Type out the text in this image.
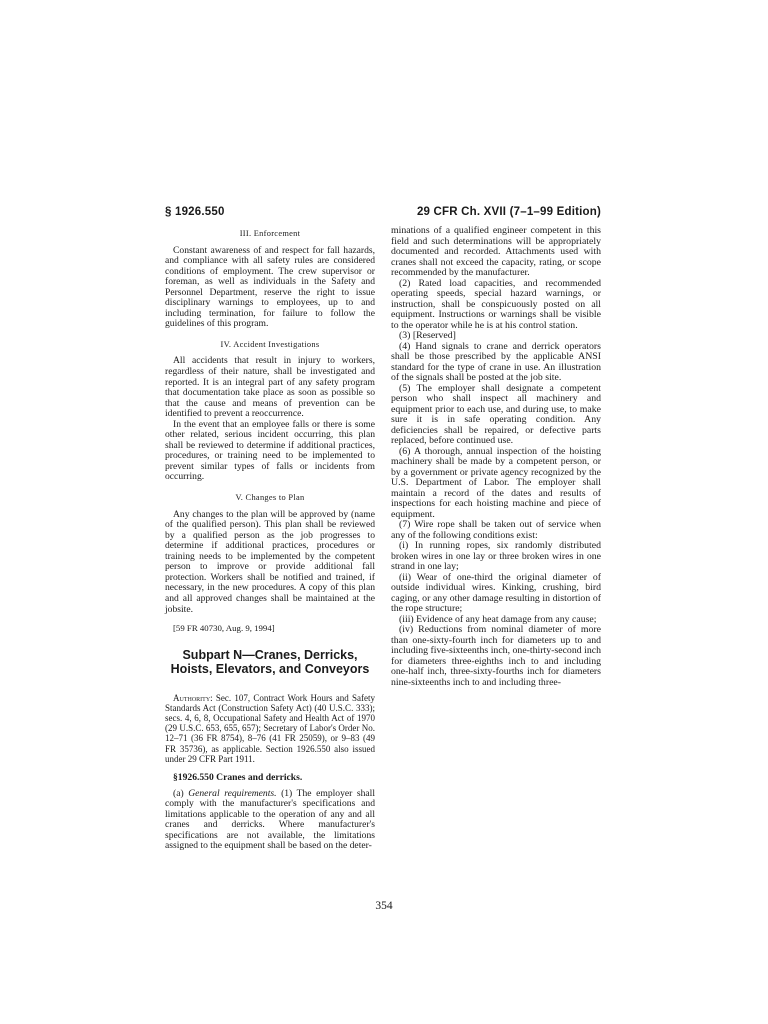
§ 1926.550	29 CFR Ch. XVII (7–1–99 Edition)

III. Enforcement

Constant awareness of and respect for fall hazards, and compliance with all safety rules are considered conditions of employment. The crew supervisor or foreman, as well as individuals in the Safety and Personnel Department, reserve the right to issue disciplinary warnings to employees, up to and including termination, for failure to follow the guidelines of this program.

IV. Accident Investigations

All accidents that result in injury to workers, regardless of their nature, shall be investigated and reported. It is an integral part of any safety program that documentation take place as soon as possible so that the cause and means of prevention can be identified to prevent a reoccurrence.

In the event that an employee falls or there is some other related, serious incident occurring, this plan shall be reviewed to determine if additional practices, procedures, or training need to be implemented to prevent similar types of falls or incidents from occurring.

V. Changes to Plan

Any changes to the plan will be approved by (name of the qualified person). This plan shall be reviewed by a qualified person as the job progresses to determine if additional practices, procedures or training needs to be implemented by the competent person to improve or provide additional fall protection. Workers shall be notified and trained, if necessary, in the new procedures. A copy of this plan and all approved changes shall be maintained at the jobsite.

[59 FR 40730, Aug. 9, 1994]

Subpart N—Cranes, Derricks,
Hoists, Elevators, and Conveyors

Authority: Sec. 107, Contract Work Hours and Safety Standards Act (Construction Safety Act) (40 U.S.C. 333); secs. 4, 6, 8, Occupational Safety and Health Act of 1970 (29 U.S.C. 653, 655, 657); Secretary of Labor's Order No. 12–71 (36 FR 8754), 8–76 (41 FR 25059), or 9–83 (49 FR 35736), as applicable. Section 1926.550 also issued under 29 CFR Part 1911.

§1926.550 Cranes and derricks.

(a) General requirements. (1) The employer shall comply with the manufacturer's specifications and limitations applicable to the operation of any and all cranes and derricks. Where manufacturer's specifications are not available, the limitations assigned to the equipment shall be based on the deter-

minations of a qualified engineer competent in this field and such determinations will be appropriately documented and recorded. Attachments used with cranes shall not exceed the capacity, rating, or scope recommended by the manufacturer.

(2) Rated load capacities, and recommended operating speeds, special hazard warnings, or instruction, shall be conspicuously posted on all equipment. Instructions or warnings shall be visible to the operator while he is at his control station.

(3) [Reserved]

(4) Hand signals to crane and derrick operators shall be those prescribed by the applicable ANSI standard for the type of crane in use. An illustration of the signals shall be posted at the job site.

(5) The employer shall designate a competent person who shall inspect all machinery and equipment prior to each use, and during use, to make sure it is in safe operating condition. Any deficiencies shall be repaired, or defective parts replaced, before continued use.

(6) A thorough, annual inspection of the hoisting machinery shall be made by a competent person, or by a government or private agency recognized by the U.S. Department of Labor. The employer shall maintain a record of the dates and results of inspections for each hoisting machine and piece of equipment.

(7) Wire rope shall be taken out of service when any of the following conditions exist:

(i) In running ropes, six randomly distributed broken wires in one lay or three broken wires in one strand in one lay;

(ii) Wear of one-third the original diameter of outside individual wires. Kinking, crushing, bird caging, or any other damage resulting in distortion of the rope structure;

(iii) Evidence of any heat damage from any cause;

(iv) Reductions from nominal diameter of more than one-sixty-fourth inch for diameters up to and including five-sixteenths inch, one-thirty-second inch for diameters three-eighths inch to and including one-half inch, three-sixty-fourths inch for diameters nine-sixteenths inch to and including three-

354
